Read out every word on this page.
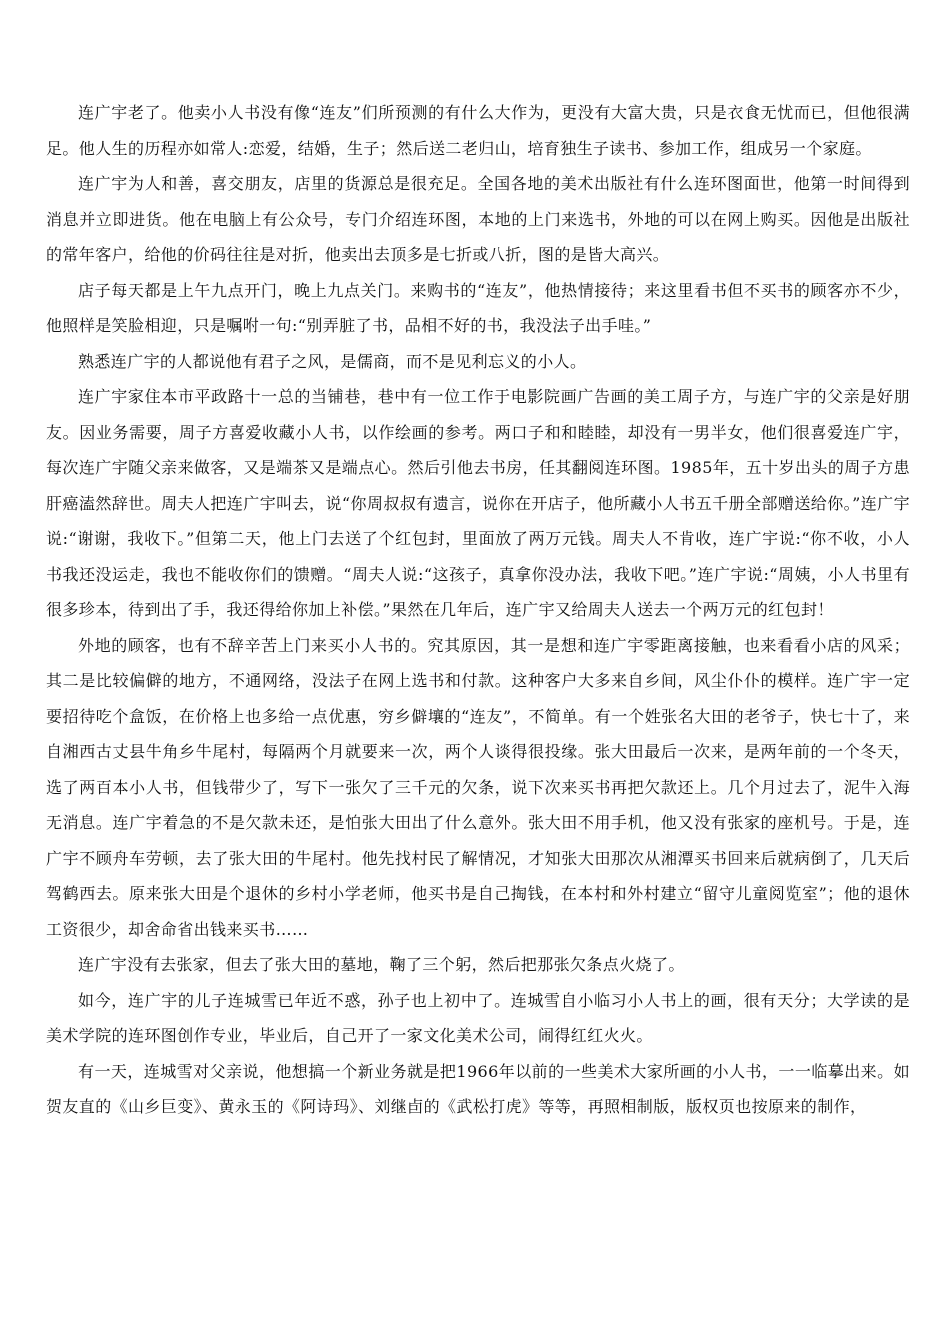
连广宇老了。他卖小人书没有像“连友”们所预测的有什么大作为，更没有大富大贵，只是衣食无忧而已，但他很满足。他人生的历程亦如常人:恋爱，结婚，生子；然后送二老归山，培育独生子读书、参加工作，组成另一个家庭。

连广宇为人和善，喜交朋友，店里的货源总是很充足。全国各地的美术出版社有什么连环图面世，他第一时间得到消息并立即进货。他在电脑上有公众号，专门介绍连环图，本地的上门来选书，外地的可以在网上购买。因他是出版社的常年客户，给他的价码往往是对折，他卖出去顶多是七折或八折，图的是皆大高兴。

店子每天都是上午九点开门，晚上九点关门。来购书的“连友”，他热情接待；来这里看书但不买书的顾客亦不少，他照样是笑脸相迎，只是嘱咐一句:“别弄脏了书，品相不好的书，我没法子出手哇。”

熟悉连广宇的人都说他有君子之风，是儒商，而不是见利忘义的小人。

连广宇家住本市平政路十一总的当铺巷，巷中有一位工作于电影院画广告画的美工周子方，与连广宇的父亲是好朋友。因业务需要，周子方喜爱收藏小人书，以作绘画的参考。两口子和和睦睦，却没有一男半女，他们很喜爱连广宇，每次连广宇随父亲来做客，又是端茶又是端点心。然后引他去书房，任其翻阅连环图。1985年，五十岁出头的周子方患肝癌溘然辞世。周夫人把连广宇叫去，说“你周叔叔有遗言，说你在开店子，他所藏小人书五千册全部赠送给你。”连广宇说:“谢谢，我收下。”但第二天，他上门去送了个红包封，里面放了两万元钱。周夫人不肯收，连广宇说:“你不收，小人书我还没运走，我也不能收你们的馈赠。“周夫人说:“这孩子，真拿你没办法，我收下吧。”连广宇说:“周姨，小人书里有很多珍本，待到出了手，我还得给你加上补偿。”果然在几年后，连广宇又给周夫人送去一个两万元的红包封！

外地的顾客，也有不辞辛苦上门来买小人书的。究其原因，其一是想和连广宇零距离接触，也来看看小店的风采；其二是比较偏僻的地方，不通网络，没法子在网上选书和付款。这种客户大多来自乡间，风尘仆仆的模样。连广宇一定要招待吃个盒饭，在价格上也多给一点优惠，穷乡僻壤的“连友”，不简单。有一个姓张名大田的老爷子，快七十了，来自湘西古丈县牛角乡牛尾村，每隔两个月就要来一次，两个人谈得很投缘。张大田最后一次来，是两年前的一个冬天，选了两百本小人书，但钱带少了，写下一张欠了三千元的欠条，说下次来买书再把欠款还上。几个月过去了，泥牛入海无消息。连广宇着急的不是欠款未还，是怕张大田出了什么意外。张大田不用手机，他又没有张家的座机号。于是，连广宇不顾舟车劳顿，去了张大田的牛尾村。他先找村民了解情况，才知张大田那次从湘潭买书回来后就病倒了，几天后驾鹤西去。原来张大田是个退休的乡村小学老师，他买书是自己掏钱，在本村和外村建立“留守儿童阅览室”；他的退休工资很少，却舍命省出钱来买书……

连广宇没有去张家，但去了张大田的墓地，鞠了三个躬，然后把那张欠条点火烧了。

如今，连广宇的儿子连城雪已年近不惑，孙子也上初中了。连城雪自小临习小人书上的画，很有天分；大学读的是美术学院的连环图创作专业，毕业后，自己开了一家文化美术公司，闹得红红火火。

有一天，连城雪对父亲说，他想搞一个新业务就是把1966年以前的一些美术大家所画的小人书，一一临摹出来。如贺友直的《山乡巨变》、黄永玉的《阿诗玛》、刘继卣的《武松打虎》等等，再照相制版，版权页也按原来的制作，
